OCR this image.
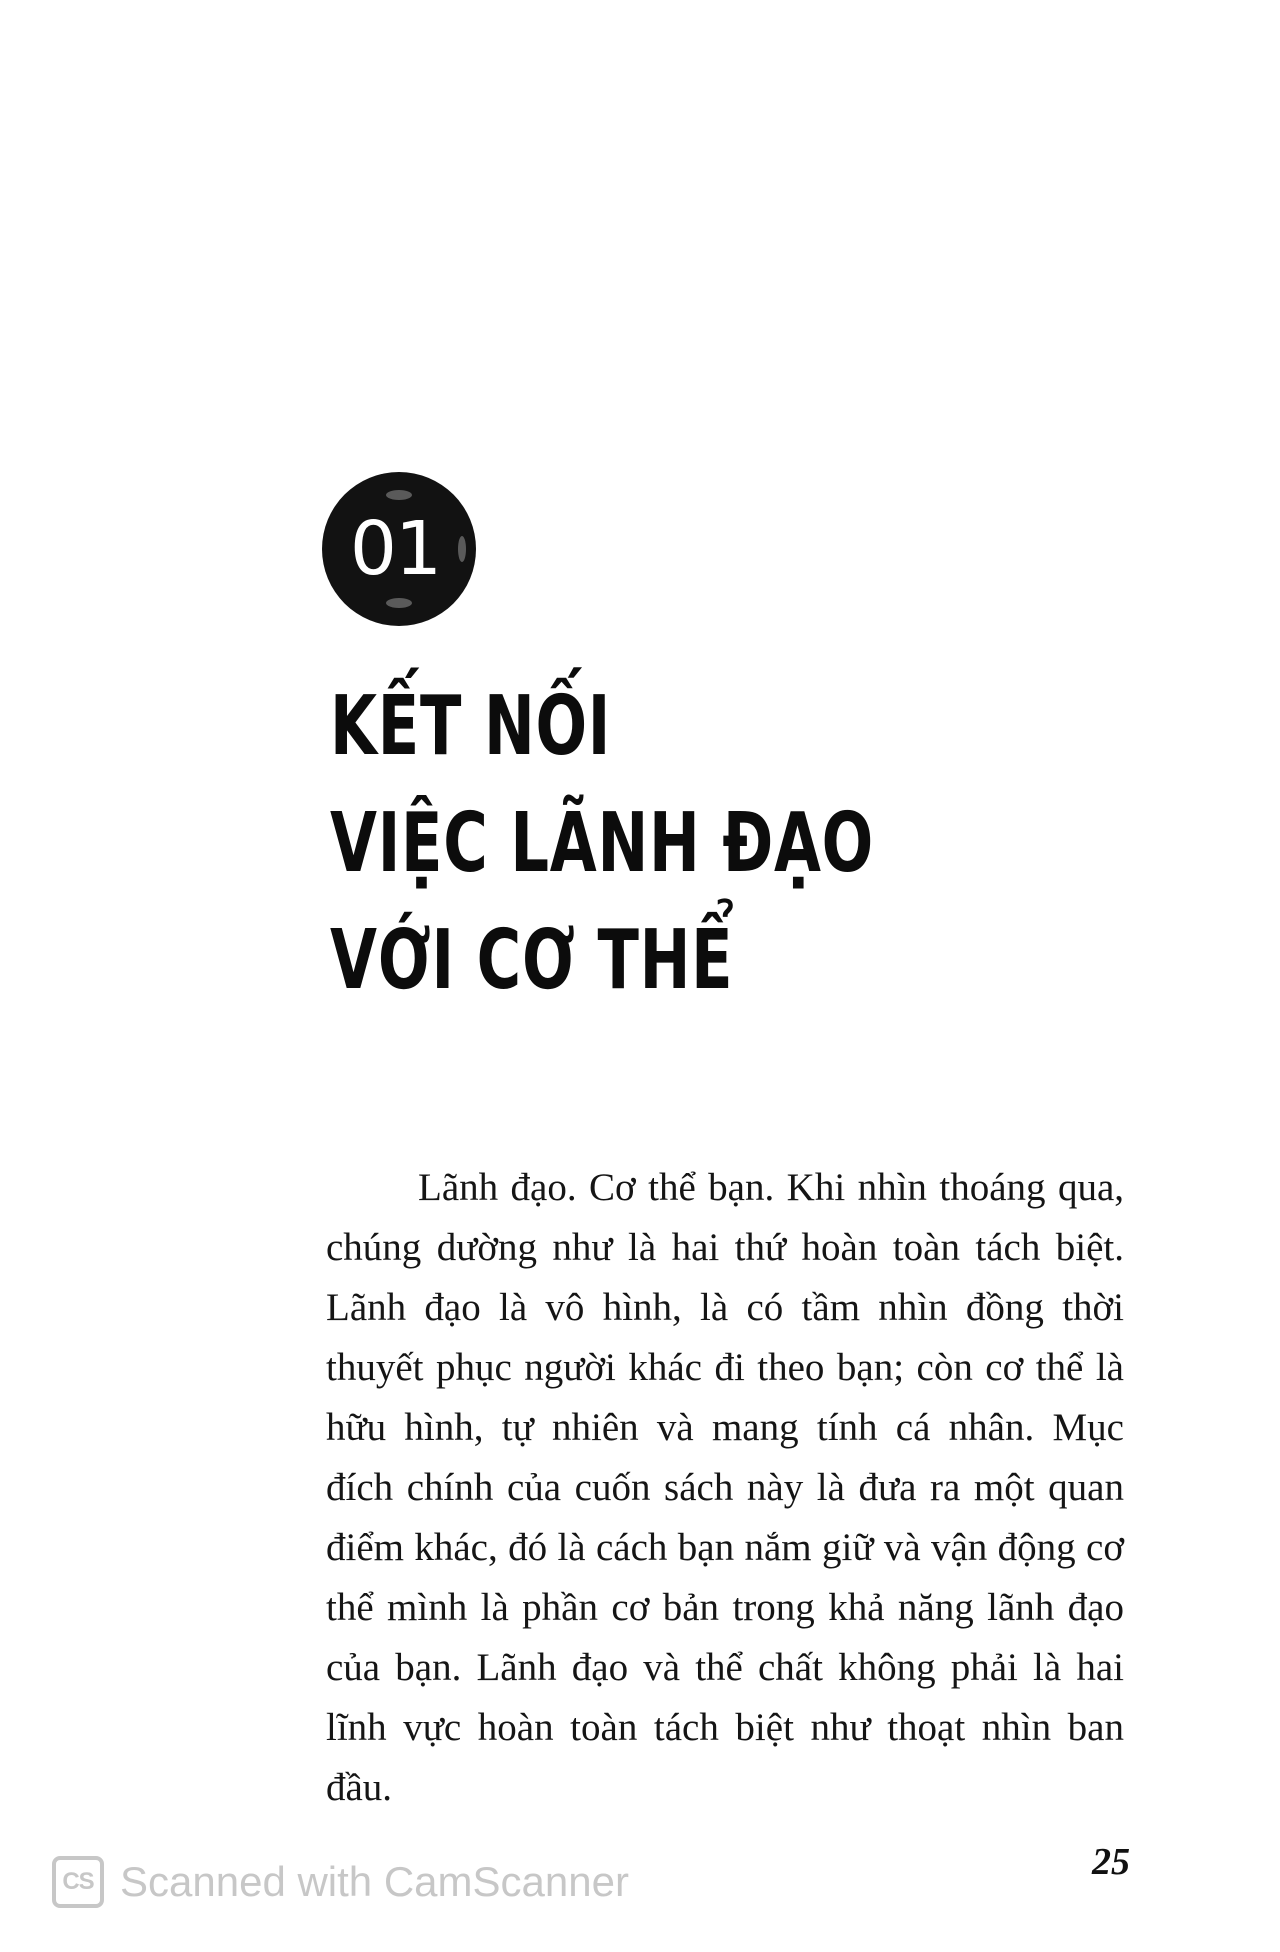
01
KẾT NỐI
VIỆC LÃNH ĐẠO
VỚI CƠ THỂ

Lãnh đạo. Cơ thể bạn. Khi nhìn thoáng qua, chúng dường như là hai thứ hoàn toàn tách biệt. Lãnh đạo là vô hình, là có tầm nhìn đồng thời thuyết phục người khác đi theo bạn; còn cơ thể là hữu hình, tự nhiên và mang tính cá nhân. Mục đích chính của cuốn sách này là đưa ra một quan điểm khác, đó là cách bạn nắm giữ và vận động cơ thể mình là phần cơ bản trong khả năng lãnh đạo của bạn. Lãnh đạo và thể chất không phải là hai lĩnh vực hoàn toàn tách biệt như thoạt nhìn ban đầu.

25
CS Scanned with CamScanner
